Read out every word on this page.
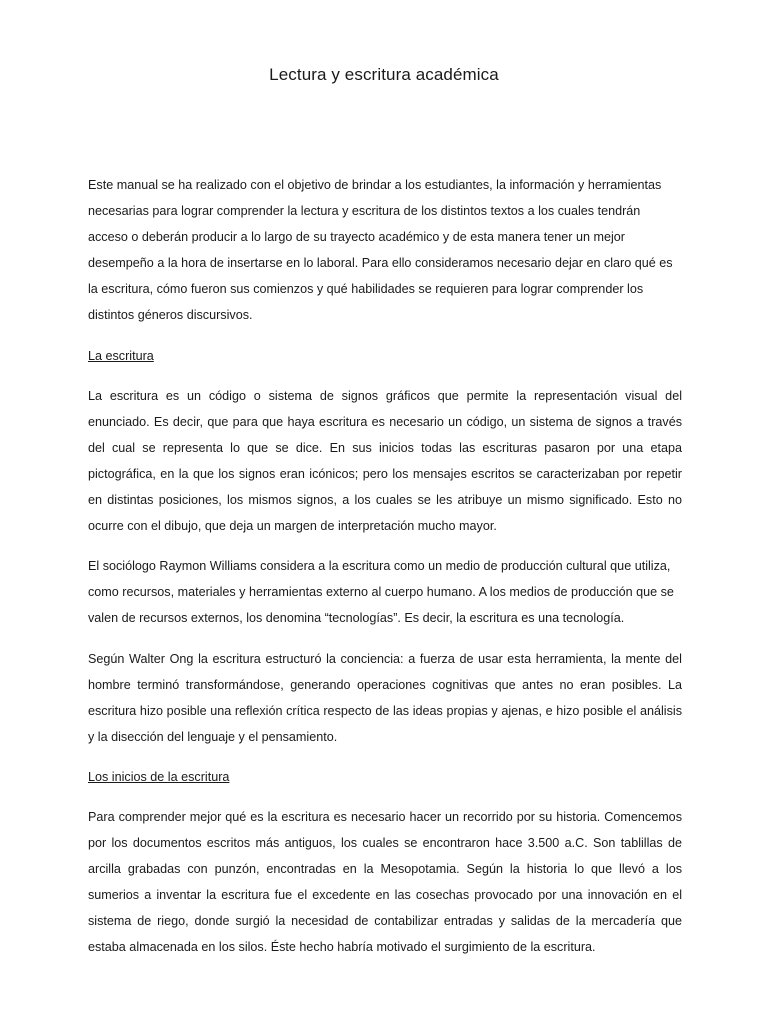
Lectura y escritura académica

Este manual se ha realizado con el objetivo de brindar a los estudiantes, la información y herramientas necesarias para lograr comprender la lectura y escritura de los distintos textos a los cuales tendrán acceso o deberán producir a lo largo de su trayecto académico y de esta manera tener un mejor desempeño a la hora de insertarse en lo laboral. Para ello consideramos necesario dejar en claro qué es la escritura, cómo fueron sus comienzos y qué habilidades se requieren para lograr comprender los distintos géneros discursivos.

La escritura

La escritura es un código o sistema de signos gráficos que permite la representación visual del enunciado. Es decir, que para que haya escritura es necesario un código, un sistema de signos a través del cual se representa lo que se dice. En sus inicios todas las escrituras pasaron por una etapa pictográfica, en la que los signos eran icónicos; pero los mensajes escritos se caracterizaban por repetir en distintas posiciones, los mismos signos, a los cuales se les atribuye un mismo significado. Esto no ocurre con el dibujo, que deja un margen de interpretación mucho mayor.

El sociólogo Raymon Williams considera a la escritura como un medio de producción cultural que utiliza, como recursos, materiales y herramientas externo al cuerpo humano. A los medios de producción que se valen de recursos externos, los denomina “tecnologías”. Es decir, la escritura es una tecnología.

Según Walter Ong la escritura estructuró la conciencia: a fuerza de usar esta herramienta, la mente del hombre terminó transformándose, generando operaciones cognitivas que antes no eran posibles. La escritura hizo posible una reflexión crítica respecto de las ideas propias y ajenas, e hizo posible el análisis y la disección del lenguaje y el pensamiento.

Los inicios de la escritura

Para comprender mejor qué es la escritura es necesario hacer un recorrido por su historia. Comencemos por los documentos escritos más antiguos, los cuales se encontraron hace 3.500 a.C. Son tablillas de arcilla grabadas con punzón, encontradas en la Mesopotamia. Según la historia lo que llevó a los sumerios a inventar la escritura fue el excedente en las cosechas provocado por una innovación en el sistema de riego, donde surgió la necesidad de contabilizar entradas y salidas de la mercadería que estaba almacenada en los silos. Éste hecho habría motivado el surgimiento de la escritura.
